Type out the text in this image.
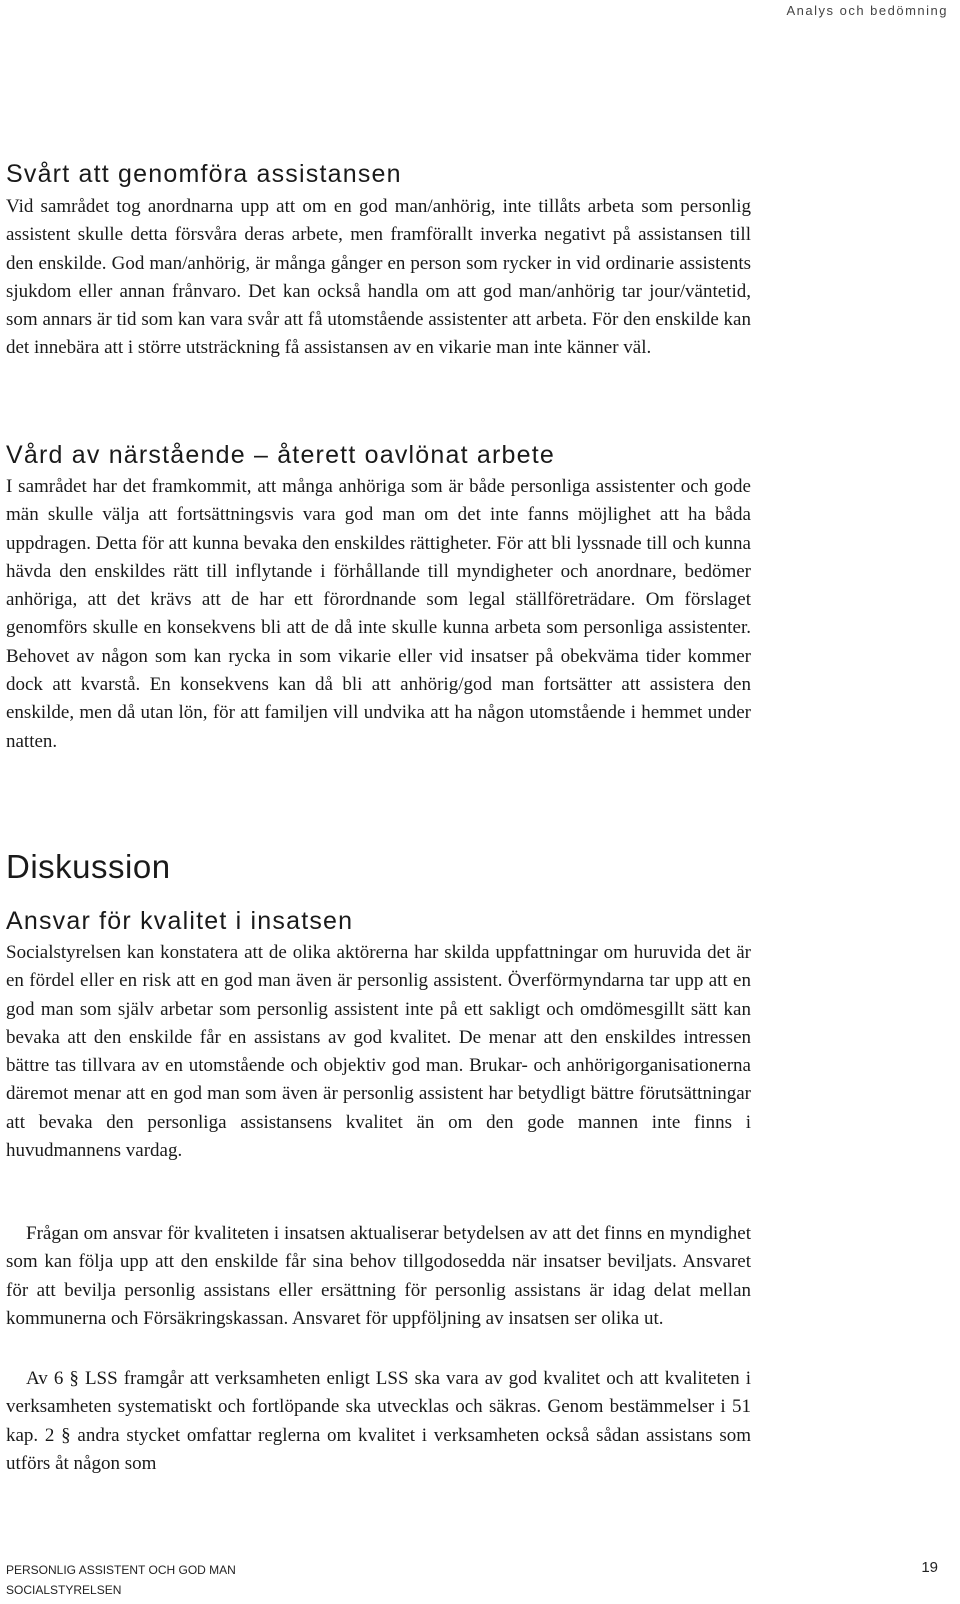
Analys och bedömning
Svårt att genomföra assistansen

Vid samrådet tog anordnarna upp att om en god man/anhörig, inte tillåts arbeta som personlig assistent skulle detta försvåra deras arbete, men framförallt inverka negativt på assistansen till den enskilde. God man/anhörig, är många gånger en person som rycker in vid ordinarie assistents sjukdom eller annan frånvaro. Det kan också handla om att god man/anhörig tar jour/väntetid, som annars är tid som kan vara svår att få utomstående assistenter att arbeta. För den enskilde kan det innebära att i större utsträckning få assistansen av en vikarie man inte känner väl.

Vård av närstående – återett oavlönat arbete

I samrådet har det framkommit, att många anhöriga som är både personliga assistenter och gode män skulle välja att fortsättningsvis vara god man om det inte fanns möjlighet att ha båda uppdragen. Detta för att kunna bevaka den enskildes rättigheter. För att bli lyssnade till och kunna hävda den enskildes rätt till inflytande i förhållande till myndigheter och anordnare, bedömer anhöriga, att det krävs att de har ett förordnande som legal ställföreträdare. Om förslaget genomförs skulle en konsekvens bli att de då inte skulle kunna arbeta som personliga assistenter. Behovet av någon som kan rycka in som vikarie eller vid insatser på obekväma tider kommer dock att kvarstå. En konsekvens kan då bli att anhörig/god man fortsätter att assistera den enskilde, men då utan lön, för att familjen vill undvika att ha någon utomstående i hemmet under natten.

Diskussion
Ansvar för kvalitet i insatsen

Socialstyrelsen kan konstatera att de olika aktörerna har skilda uppfattningar om huruvida det är en fördel eller en risk att en god man även är personlig assistent. Överförmyndarna tar upp att en god man som själv arbetar som personlig assistent inte på ett sakligt och omdömesgillt sätt kan bevaka att den enskilde får en assistans av god kvalitet. De menar att den enskildes intressen bättre tas tillvara av en utomstående och objektiv god man. Brukar- och anhörigorganisationerna däremot menar att en god man som även är personlig assistent har betydligt bättre förutsättningar att bevaka den personliga assistansens kvalitet än om den gode mannen inte finns i huvudmannens vardag.

Frågan om ansvar för kvaliteten i insatsen aktualiserar betydelsen av att det finns en myndighet som kan följa upp att den enskilde får sina behov tillgodosedda när insatser beviljats. Ansvaret för att bevilja personlig assistans eller ersättning för personlig assistans är idag delat mellan kommunerna och Försäkringskassan. Ansvaret för uppföljning av insatsen ser olika ut.

Av 6 § LSS framgår att verksamheten enligt LSS ska vara av god kvalitet och att kvaliteten i verksamheten systematiskt och fortlöpande ska utvecklas och säkras. Genom bestämmelser i 51 kap. 2 § andra stycket omfattar reglerna om kvalitet i verksamheten också sådan assistans som utförs åt någon som

PERSONLIG ASSISTENT OCH GOD MAN
SOCIALSTYRELSEN
19
